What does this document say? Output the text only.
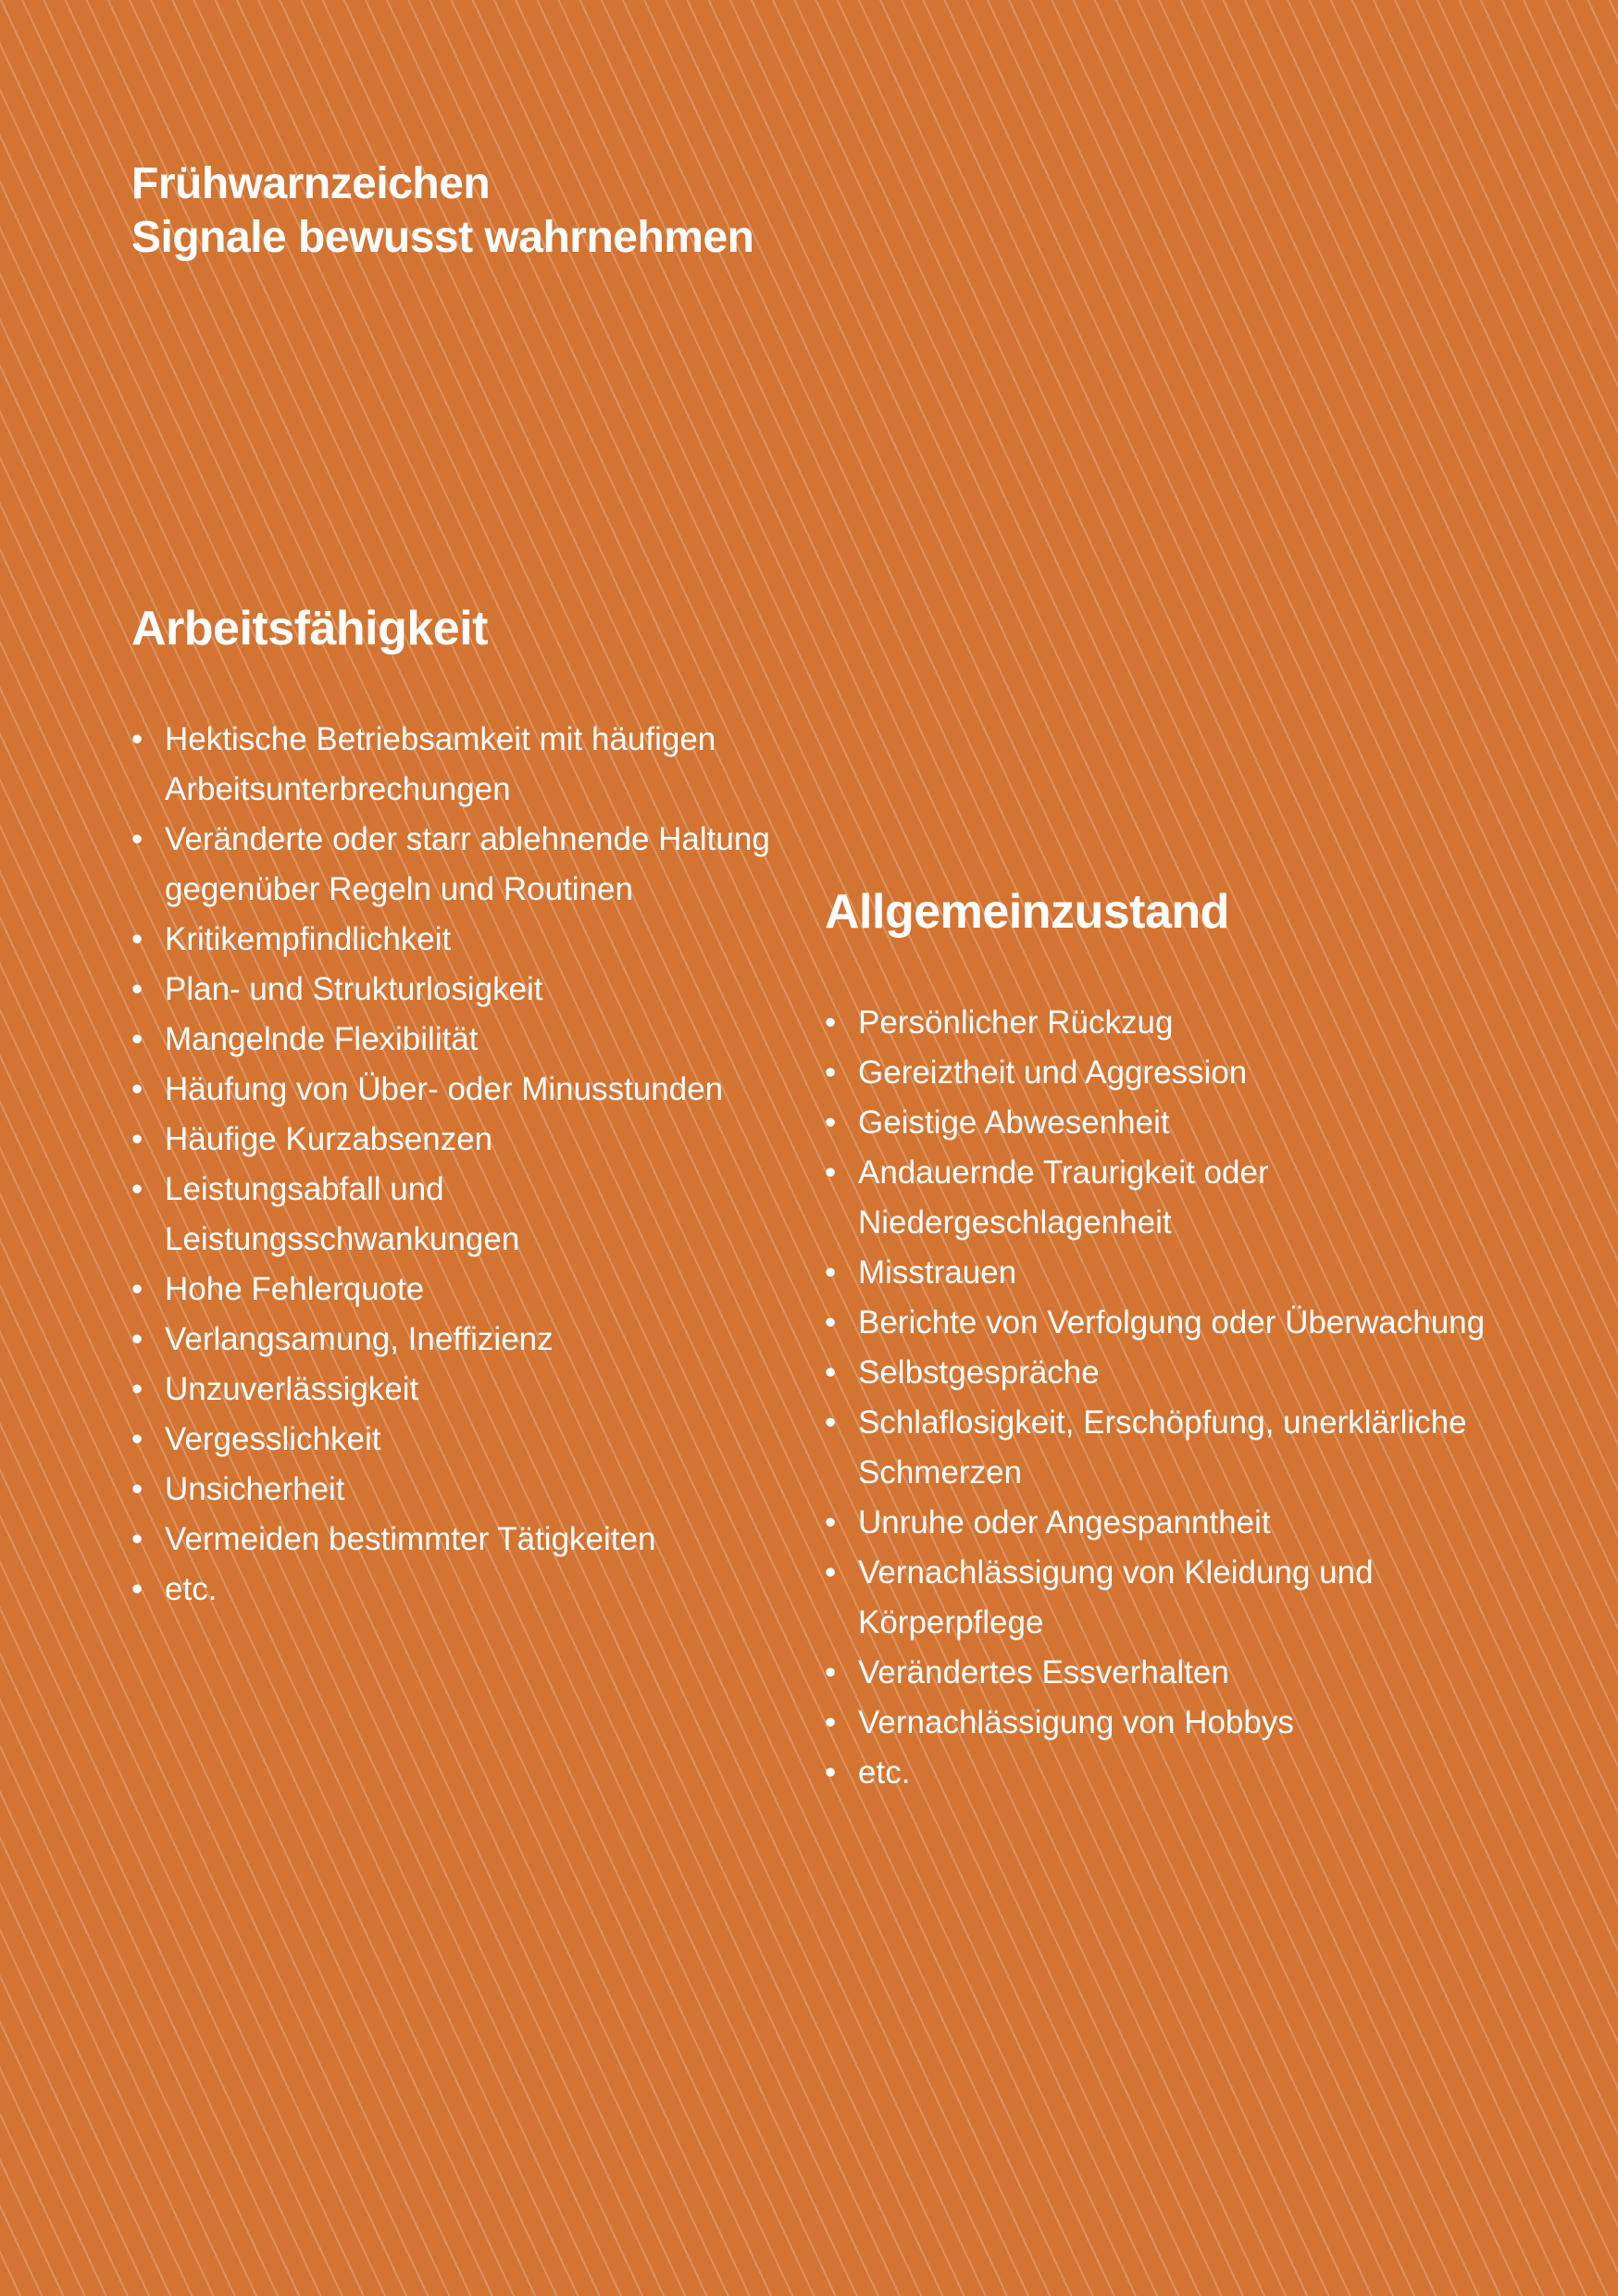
Frühwarnzeichen
Signale bewusst wahrnehmen
Arbeitsfähigkeit
• Hektische Betriebsamkeit mit häufigen Arbeitsunterbrechungen
• Veränderte oder starr ablehnende Haltung gegenüber Regeln und Routinen
• Kritikempfindlichkeit
• Plan- und Strukturlosigkeit
• Mangelnde Flexibilität
• Häufung von Über- oder Minusstunden
• Häufige Kurzabsenzen
• Leistungsabfall und Leistungsschwankungen
• Hohe Fehlerquote
• Verlangsamung, Ineffizienz
• Unzuverlässigkeit
• Vergesslichkeit
• Unsicherheit
• Vermeiden bestimmter Tätigkeiten
• etc.
Allgemeinzustand
• Persönlicher Rückzug
• Gereiztheit und Aggression
• Geistige Abwesenheit
• Andauernde Traurigkeit oder Niedergeschlagenheit
• Misstrauen
• Berichte von Verfolgung oder Überwachung
• Selbstgespräche
• Schlaflosigkeit, Erschöpfung, unerklärliche Schmerzen
• Unruhe oder Angespanntheit
• Vernachlässigung von Kleidung und Körperpflege
• Verändertes Essverhalten
• Vernachlässigung von Hobbys
• etc.
